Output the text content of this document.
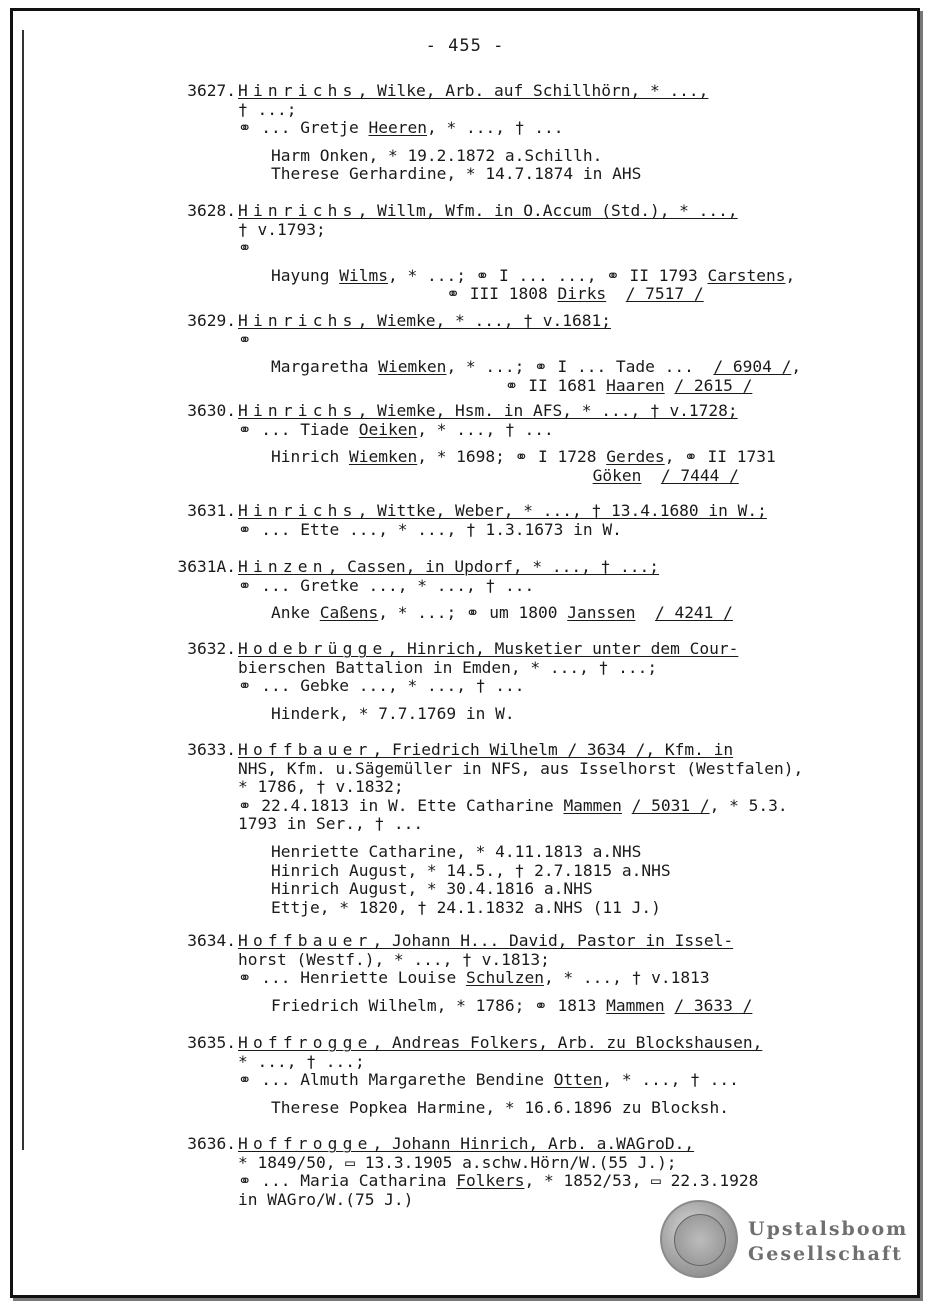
- 455 -
3627. Hinrichs, Wilke, Arb. auf Schillhörn, * ...,
† ...;
⚭ ... Gretje Heeren, * ..., † ...
Harm Onken, * 19.2.1872 a.Schillh.
Therese Gerhardine, * 14.7.1874 in AHS
3628. Hinrichs, Willm, Wfm. in O.Accum (Std.), * ...,
† v.1793;
⚭
Hayung Wilms, * ...; ⚭ I ... ..., ⚭ II 1793 Carstens,
⚭ III 1808 Dirks / 7517 /
3629. Hinrichs, Wiemke, * ..., † v.1681;
⚭
Margaretha Wiemken, * ...; ⚭ I ... Tade ...  / 6904 /,
⚭ II 1681 Haaren / 2615 /
3630. Hinrichs, Wiemke, Hsm. in AFS, * ..., † v.1728;
⚭ ... Tiade Oeiken, * ..., † ...
Hinrich Wiemken, * 1698; ⚭ I 1728 Gerdes, ⚭ II 1731
Göken / 7444 /
3631. Hinrichs, Wittke, Weber, * ..., † 13.4.1680 in W.;
⚭ ... Ette ..., * ..., † 1.3.1673 in W.
3631A. Hinzen, Cassen, in Updorf, * ..., † ...;
⚭ ... Gretke ..., * ..., † ...
Anke Caßens, * ...; ⚭ um 1800 Janssen / 4241 /
3632. Hodebrügge, Hinrich, Musketier unter dem Cour-
bierschen Battalion in Emden, * ..., † ...;
⚭ ... Gebke ..., * ..., † ...
Hinderk, * 7.7.1769 in W.
3633. Hoffbauer, Friedrich Wilhelm / 3634 /, Kfm. in
NHS, Kfm. u.Sägemüller in NFS, aus Isselhorst (Westfalen),
* 1786, † v.1832;
⚭ 22.4.1813 in W. Ette Catharine Mammen / 5031 /, * 5.3.
1793 in Ser., † ...
Henriette Catharine, * 4.11.1813 a.NHS
Hinrich August, * 14.5., † 2.7.1815 a.NHS
Hinrich August, * 30.4.1816 a.NHS
Ettje, * 1820, † 24.1.1832 a.NHS (11 J.)
3634. Hoffbauer, Johann H... David, Pastor in Issel-
horst (Westf.), * ..., † v.1813;
⚭ ... Henriette Louise Schulzen, * ..., † v.1813
Friedrich Wilhelm, * 1786; ⚭ 1813 Mammen / 3633 /
3635. Hoffrogge, Andreas Folkers, Arb. zu Blockshausen,
* ..., † ...;
⚭ ... Almuth Margarethe Bendine Otten, * ..., † ...
Therese Popkea Harmine, * 16.6.1896 zu Blocksh.
3636. Hoffrogge, Johann Hinrich, Arb. a.WAGroD.,
* 1849/50, ▭ 13.3.1905 a.schw.Hörn/W.(55 J.);
⚭ ... Maria Catharina Folkers, * 1852/53, ▭ 22.3.1928
in WAGro/W.(75 J.)
Upstalsboom
Gesellschaft
